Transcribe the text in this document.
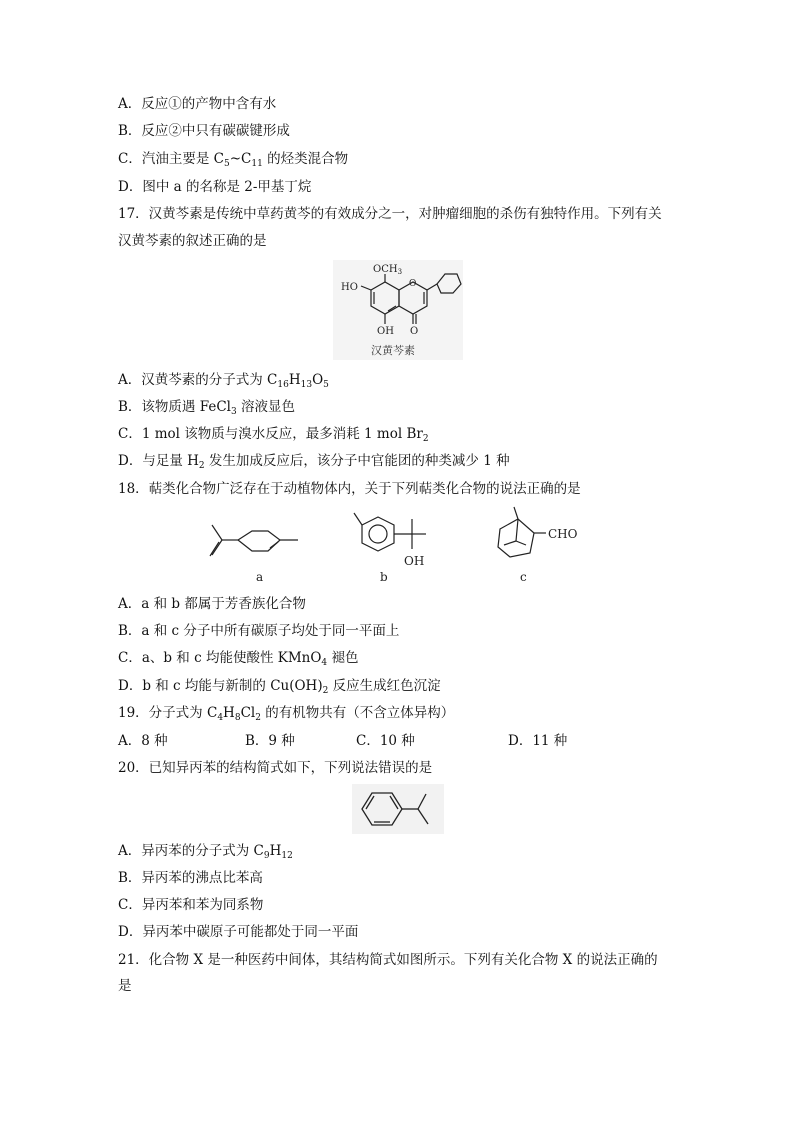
A．反应①的产物中含有水
B．反应②中只有碳碳键形成
C．汽油主要是 $C_5\sim C_{11}$ 的烃类混合物
D．图中 a 的名称是 2-甲基丁烷
17．汉黄芩素是传统中草药黄芩的有效成分之一，对肿瘤细胞的杀伤有独特作用。下列有关
汉黄芩素的叙述正确的是
$OCH_3$
HO
OH
O
O
汉黄芩素
A．汉黄芩素的分子式为 $C_{16}H_{13}O_5$
B．该物质遇 FeCl$_3$ 溶液显色
C．1 mol 该物质与溴水反应，最多消耗 1 mol $Br_2$
D．与足量 $H_2$ 发生加成反应后，该分子中官能团的种类减少 1 种
18．萜类化合物广泛存在于动植物体内，关于下列萜类化合物的说法正确的是
a	b
OH
c
CHO
A．a 和 b 都属于芳香族化合物
B．a 和 c 分子中所有碳原子均处于同一平面上
C．a、b 和 c 均能使酸性 KMnO$_4$ 褪色
D．b 和 c 均能与新制的 $Cu(OH)_2$ 反应生成红色沉淀
19．分子式为 $C_4H_8Cl_2$ 的有机物共有（不含立体异构）
A．8 种	B．9 种	C．10 种	D．11 种
20．已知异丙苯的结构简式如下，下列说法错误的是
A．异丙苯的分子式为 $C_9H_{12}$
B．异丙苯的沸点比苯高
C．异丙苯和苯为同系物
D．异丙苯中碳原子可能都处于同一平面
21．化合物 X 是一种医药中间体，其结构简式如图所示。下列有关化合物 X 的说法正确的
是
